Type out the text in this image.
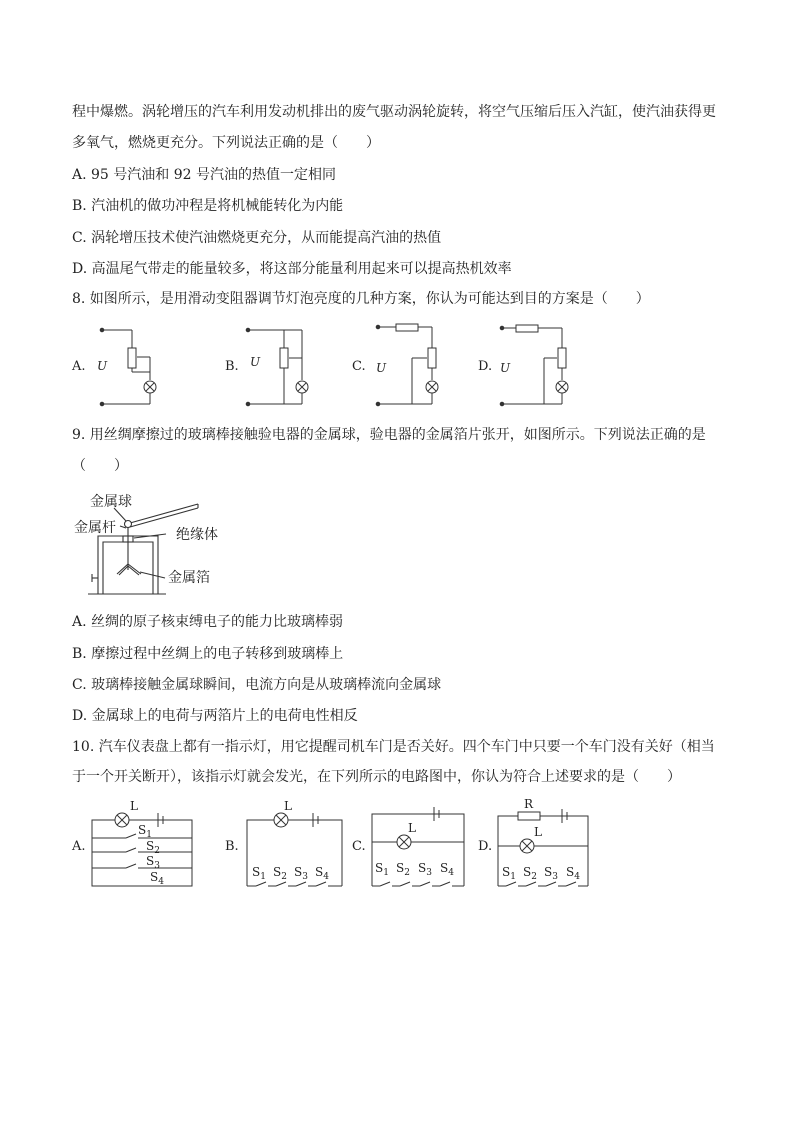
程中爆燃。涡轮增压的汽车利用发动机排出的废气驱动涡轮旋转，将空气压缩后压入汽缸，使汽油获得更
多氧气，燃烧更充分。下列说法正确的是（　　）
A. 95 号汽油和 92 号汽油的热值一定相同
B. 汽油机的做功冲程是将机械能转化为内能
C. 涡轮增压技术使汽油燃烧更充分，从而能提高汽油的热值
D. 高温尾气带走的能量较多，将这部分能量利用起来可以提高热机效率
8. 如图所示，是用滑动变阻器调节灯泡亮度的几种方案，你认为可能达到目的方案是（　　）
A. U	B. U	C. U	D. U
9. 用丝绸摩擦过的玻璃棒接触验电器的金属球，验电器的金属箔片张开，如图所示。下列说法正确的是
（　　）
金属球
金属杆	绝缘体
金属箔
A. 丝绸的原子核束缚电子的能力比玻璃棒弱
B. 摩擦过程中丝绸上的电子转移到玻璃棒上
C. 玻璃棒接触金属球瞬间，电流方向是从玻璃棒流向金属球
D. 金属球上的电荷与两箔片上的电荷电性相反
10. 汽车仪表盘上都有一指示灯，用它提醒司机车门是否关好。四个车门中只要一个车门没有关好（相当
于一个开关断开），该指示灯就会发光，在下列所示的电路图中，你认为符合上述要求的是（　　）
A.
L
$S_1$
$S_2$
$S_3$
$S_4$
B.
L
$S_1$ $S_2$ $S_3$ $S_4$
C.
L
$S_1$ $S_2$ $S_3$ $S_4$
D.
R
L
$S_1$ $S_2$ $S_3$ $S_4$
